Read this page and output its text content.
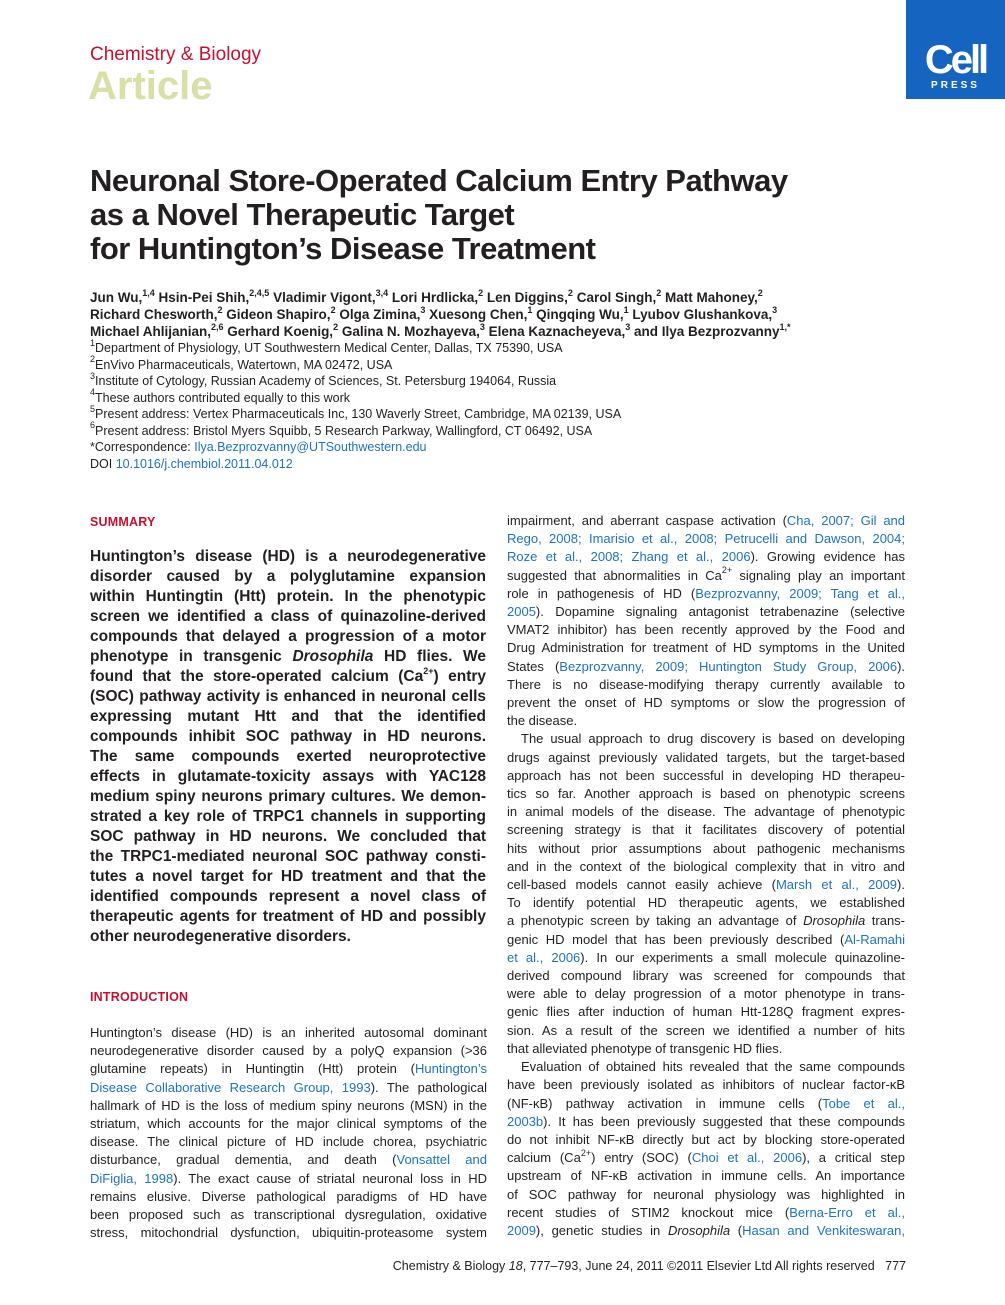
Chemistry & Biology
Article
Cell
PRESS
Neuronal Store-Operated Calcium Entry Pathway
as a Novel Therapeutic Target
for Huntington’s Disease Treatment
Jun Wu,$^{1,4}$ Hsin-Pei Shih,$^{2,4,5}$ Vladimir Vigont,$^{3,4}$ Lori Hrdlicka,$^2$ Len Diggins,$^2$ Carol Singh,$^2$ Matt Mahoney,$^2$
Richard Chesworth,$^2$ Gideon Shapiro,$^2$ Olga Zimina,$^3$ Xuesong Chen,$^1$ Qingqing Wu,$^1$ Lyubov Glushankova,$^3$
Michael Ahlijanian,$^{2,6}$ Gerhard Koenig,$^2$ Galina N. Mozhayeva,$^3$ Elena Kaznacheyeva,$^3$ and Ilya Bezprozvanny$^{1,*}$
$^1$Department of Physiology, UT Southwestern Medical Center, Dallas, TX 75390, USA
$^2$EnVivo Pharmaceuticals, Watertown, MA 02472, USA
$^3$Institute of Cytology, Russian Academy of Sciences, St. Petersburg 194064, Russia
$^4$These authors contributed equally to this work
$^5$Present address: Vertex Pharmaceuticals Inc, 130 Waverly Street, Cambridge, MA 02139, USA
$^6$Present address: Bristol Myers Squibb, 5 Research Parkway, Wallingford, CT 06492, USA
*Correspondence: Ilya.Bezprozvanny@UTSouthwestern.edu
DOI 10.1016/j.chembiol.2011.04.012
SUMMARY
Huntington’s disease (HD) is a neurodegenerative
disorder caused by a polyglutamine expansion
within Huntingtin (Htt) protein. In the phenotypic
screen we identified a class of quinazoline-derived
compounds that delayed a progression of a motor
phenotype in transgenic Drosophila HD flies. We
found that the store-operated calcium $(Ca^{2+})$ entry
(SOC) pathway activity is enhanced in neuronal cells
expressing mutant Htt and that the identified
compounds inhibit SOC pathway in HD neurons.
The same compounds exerted neuroprotective
effects in glutamate-toxicity assays with YAC128
medium spiny neurons primary cultures. We demon-
strated a key role of TRPC1 channels in supporting
SOC pathway in HD neurons. We concluded that
the TRPC1-mediated neuronal SOC pathway consti-
tutes a novel target for HD treatment and that the
identified compounds represent a novel class of
therapeutic agents for treatment of HD and possibly
other neurodegenerative disorders.
INTRODUCTION
Huntington’s disease (HD) is an inherited autosomal dominant
neurodegenerative disorder caused by a polyQ expansion (>36
glutamine repeats) in Huntingtin (Htt) protein (Huntington’s
Disease Collaborative Research Group, 1993). The pathological
hallmark of HD is the loss of medium spiny neurons (MSN) in the
striatum, which accounts for the major clinical symptoms of the
disease. The clinical picture of HD include chorea, psychiatric
disturbance, gradual dementia, and death (Vonsattel and
DiFiglia, 1998). The exact cause of striatal neuronal loss in HD
remains elusive. Diverse pathological paradigms of HD have
been proposed such as transcriptional dysregulation, oxidative
stress, mitochondrial dysfunction, ubiquitin-proteasome system
impairment, and aberrant caspase activation (Cha, 2007; Gil and
Rego, 2008; Imarisio et al., 2008; Petrucelli and Dawson, 2004;
Roze et al., 2008; Zhang et al., 2006). Growing evidence has
suggested that abnormalities in $Ca^{2+}$ signaling play an important
role in pathogenesis of HD (Bezprozvanny, 2009; Tang et al.,
2005). Dopamine signaling antagonist tetrabenazine (selective
VMAT2 inhibitor) has been recently approved by the Food and
Drug Administration for treatment of HD symptoms in the United
States (Bezprozvanny, 2009; Huntington Study Group, 2006).
There is no disease-modifying therapy currently available to
prevent the onset of HD symptoms or slow the progression of
the disease.
The usual approach to drug discovery is based on developing
drugs against previously validated targets, but the target-based
approach has not been successful in developing HD therapeu-
tics so far. Another approach is based on phenotypic screens
in animal models of the disease. The advantage of phenotypic
screening strategy is that it facilitates discovery of potential
hits without prior assumptions about pathogenic mechanisms
and in the context of the biological complexity that in vitro and
cell-based models cannot easily achieve (Marsh et al., 2009).
To identify potential HD therapeutic agents, we established
a phenotypic screen by taking an advantage of Drosophila trans-
genic HD model that has been previously described (Al-Ramahi
et al., 2006). In our experiments a small molecule quinazoline-
derived compound library was screened for compounds that
were able to delay progression of a motor phenotype in trans-
genic flies after induction of human Htt-128Q fragment expres-
sion. As a result of the screen we identified a number of hits
that alleviated phenotype of transgenic HD flies.
Evaluation of obtained hits revealed that the same compounds
have been previously isolated as inhibitors of nuclear factor-κB
(NF-κB) pathway activation in immune cells (Tobe et al.,
2003b). It has been previously suggested that these compounds
do not inhibit NF-κB directly but act by blocking store-operated
calcium $(Ca^{2+})$ entry (SOC) (Choi et al., 2006), a critical step
upstream of NF-κB activation in immune cells. An importance
of SOC pathway for neuronal physiology was highlighted in
recent studies of STIM2 knockout mice (Berna-Erro et al.,
2009), genetic studies in Drosophila (Hasan and Venkiteswaran,
Chemistry & Biology 18, 777–793, June 24, 2011 ©2011 Elsevier Ltd All rights reserved   777
